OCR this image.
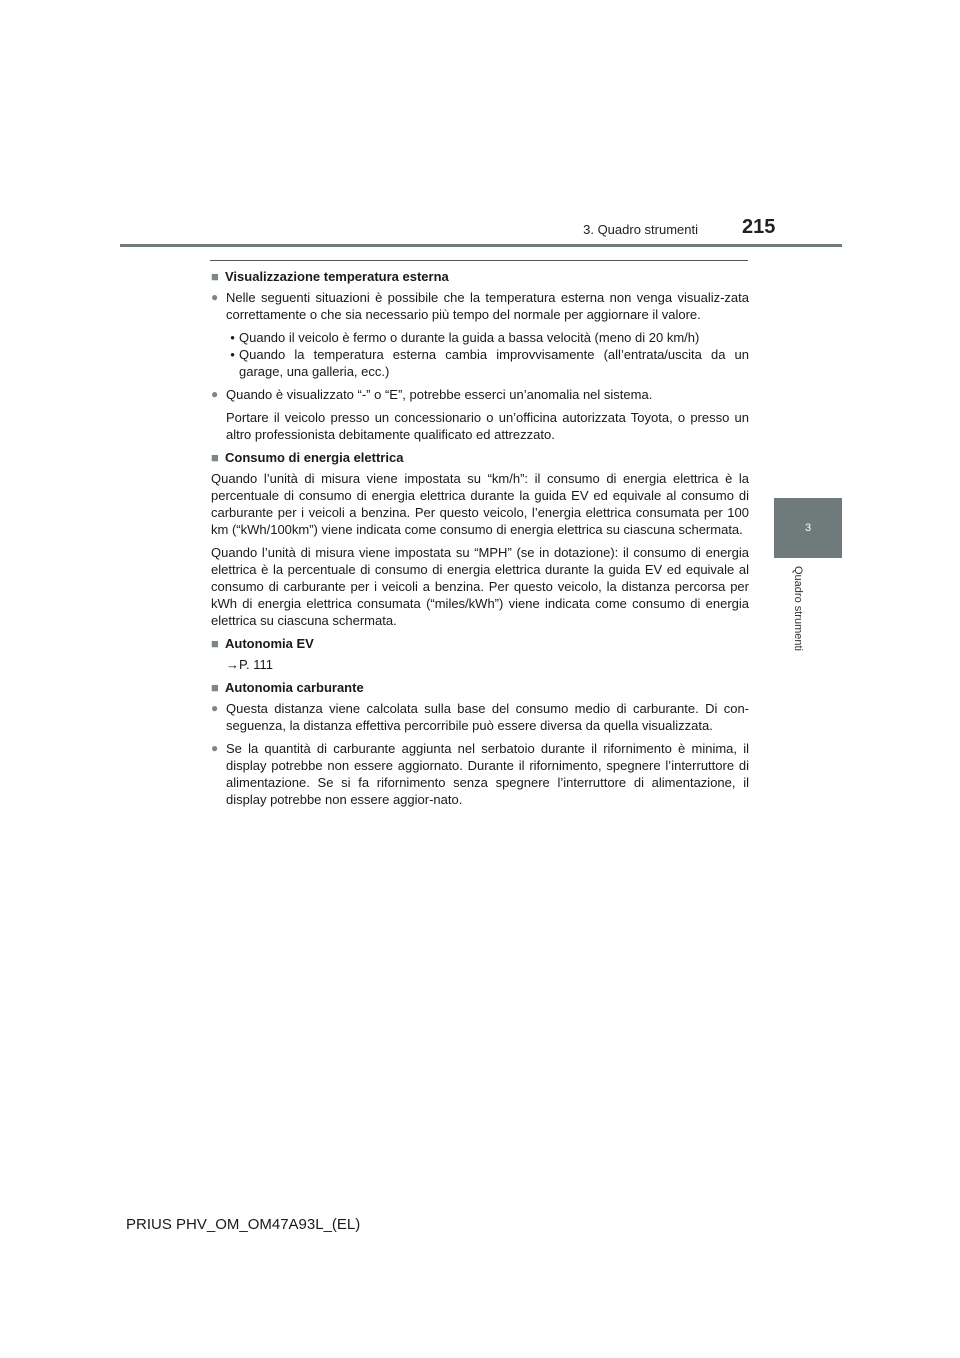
3. Quadro strumenti 215
3
Quadro strumenti
■ Visualizzazione temperatura esterna
● Nelle seguenti situazioni è possibile che la temperatura esterna non venga visualiz-zata correttamente o che sia necessario più tempo del normale per aggiornare il valore.
• Quando il veicolo è fermo o durante la guida a bassa velocità (meno di 20 km/h)
• Quando la temperatura esterna cambia improvvisamente (all’entrata/uscita da un garage, una galleria, ecc.)
● Quando è visualizzato “-” o “E”, potrebbe esserci un’anomalia nel sistema.
Portare il veicolo presso un concessionario o un’officina autorizzata Toyota, o presso un altro professionista debitamente qualificato ed attrezzato.
■ Consumo di energia elettrica
Quando l’unità di misura viene impostata su “km/h”: il consumo di energia elettrica è la percentuale di consumo di energia elettrica durante la guida EV ed equivale al consumo di carburante per i veicoli a benzina. Per questo veicolo, l’energia elettrica consumata per 100 km (“kWh/100km”) viene indicata come consumo di energia elettrica su ciascuna schermata.
Quando l’unità di misura viene impostata su “MPH” (se in dotazione): il consumo di energia elettrica è la percentuale di consumo di energia elettrica durante la guida EV ed equivale al consumo di carburante per i veicoli a benzina. Per questo veicolo, la distanza percorsa per kWh di energia elettrica consumata (“miles/kWh”) viene indicata come consumo di energia elettrica su ciascuna schermata.
■ Autonomia EV
→P. 111
■ Autonomia carburante
● Questa distanza viene calcolata sulla base del consumo medio di carburante. Di con-seguenza, la distanza effettiva percorribile può essere diversa da quella visualizzata.
● Se la quantità di carburante aggiunta nel serbatoio durante il rifornimento è minima, il display potrebbe non essere aggiornato. Durante il rifornimento, spegnere l’interruttore di alimentazione. Se si fa rifornimento senza spegnere l’interruttore di alimentazione, il display potrebbe non essere aggior-nato.
PRIUS PHV_OM_OM47A93L_(EL)
